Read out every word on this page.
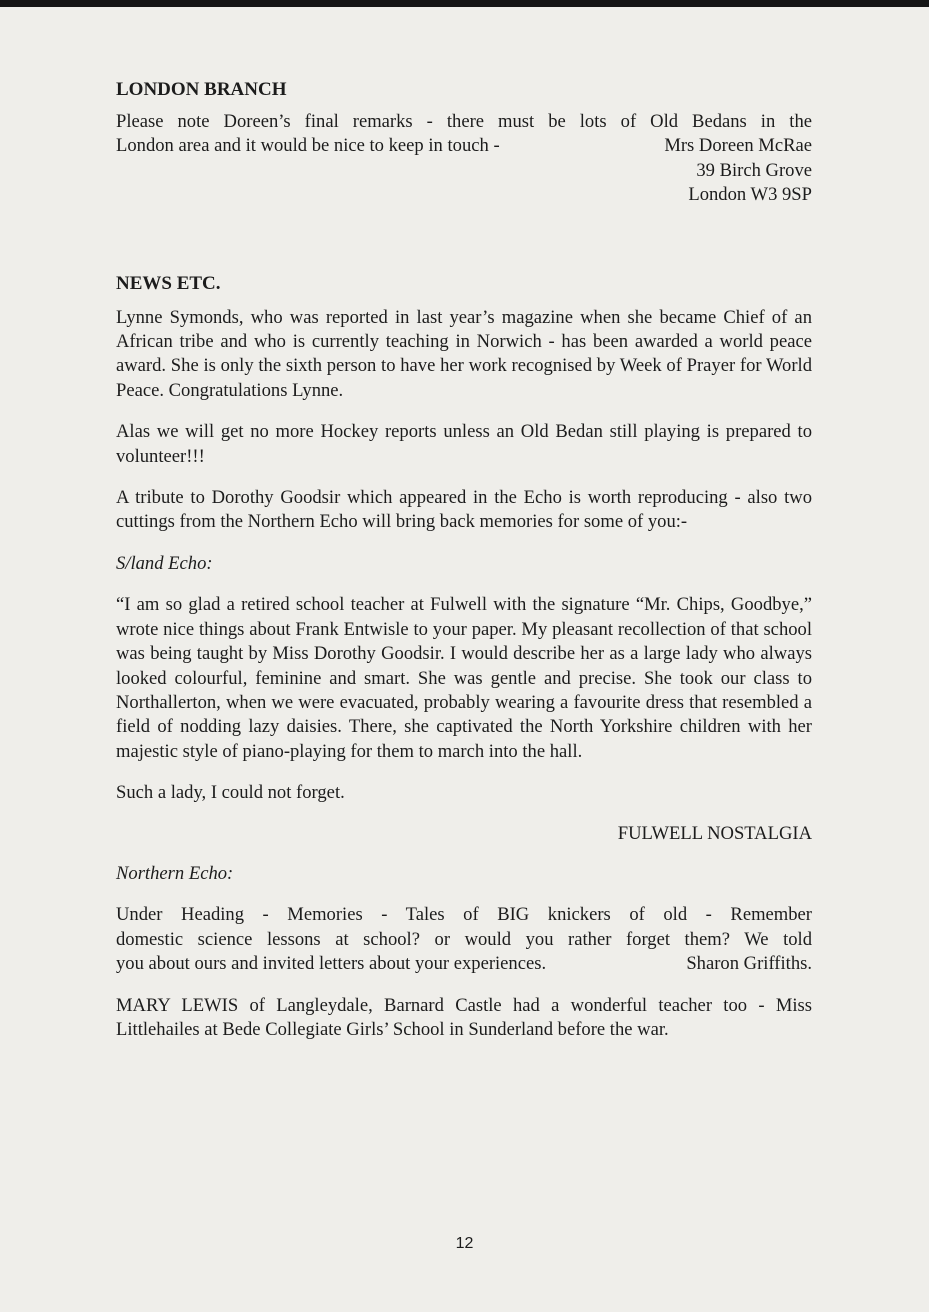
LONDON BRANCH
Please note Doreen’s final remarks - there must be lots of Old Bedans in the
London area and it would be nice to keep in touch -	Mrs Doreen McRae
39 Birch Grove
London W3 9SP
NEWS ETC.

Lynne Symonds, who was reported in last year’s magazine when she became Chief of an African tribe and who is currently teaching in Norwich - has been awarded a world peace award. She is only the sixth person to have her work recognised by Week of Prayer for World Peace. Congratulations Lynne.

Alas we will get no more Hockey reports unless an Old Bedan still playing is prepared to volunteer!!!

A tribute to Dorothy Goodsir which appeared in the Echo is worth reproducing - also two cuttings from the Northern Echo will bring back memories for some of you:-

S/land Echo:

“I am so glad a retired school teacher at Fulwell with the signature “Mr. Chips, Goodbye,” wrote nice things about Frank Entwisle to your paper. My pleasant recollection of that school was being taught by Miss Dorothy Goodsir. I would describe her as a large lady who always looked colourful, feminine and smart. She was gentle and precise. She took our class to Northallerton, when we were evacuated, probably wearing a favourite dress that resembled a field of nodding lazy daisies. There, she captivated the North Yorkshire children with her majestic style of piano-playing for them to march into the hall.

Such a lady, I could not forget.
FULWELL NOSTALGIA
Northern Echo:
Under Heading - Memories - Tales of BIG knickers of old - Remember
domestic science lessons at school? or would you rather forget them? We told
you about ours and invited letters about your experiences.	Sharon Griffiths.

MARY LEWIS of Langleydale, Barnard Castle had a wonderful teacher too - Miss Littlehailes at Bede Collegiate Girls’ School in Sunderland before the war.

12
